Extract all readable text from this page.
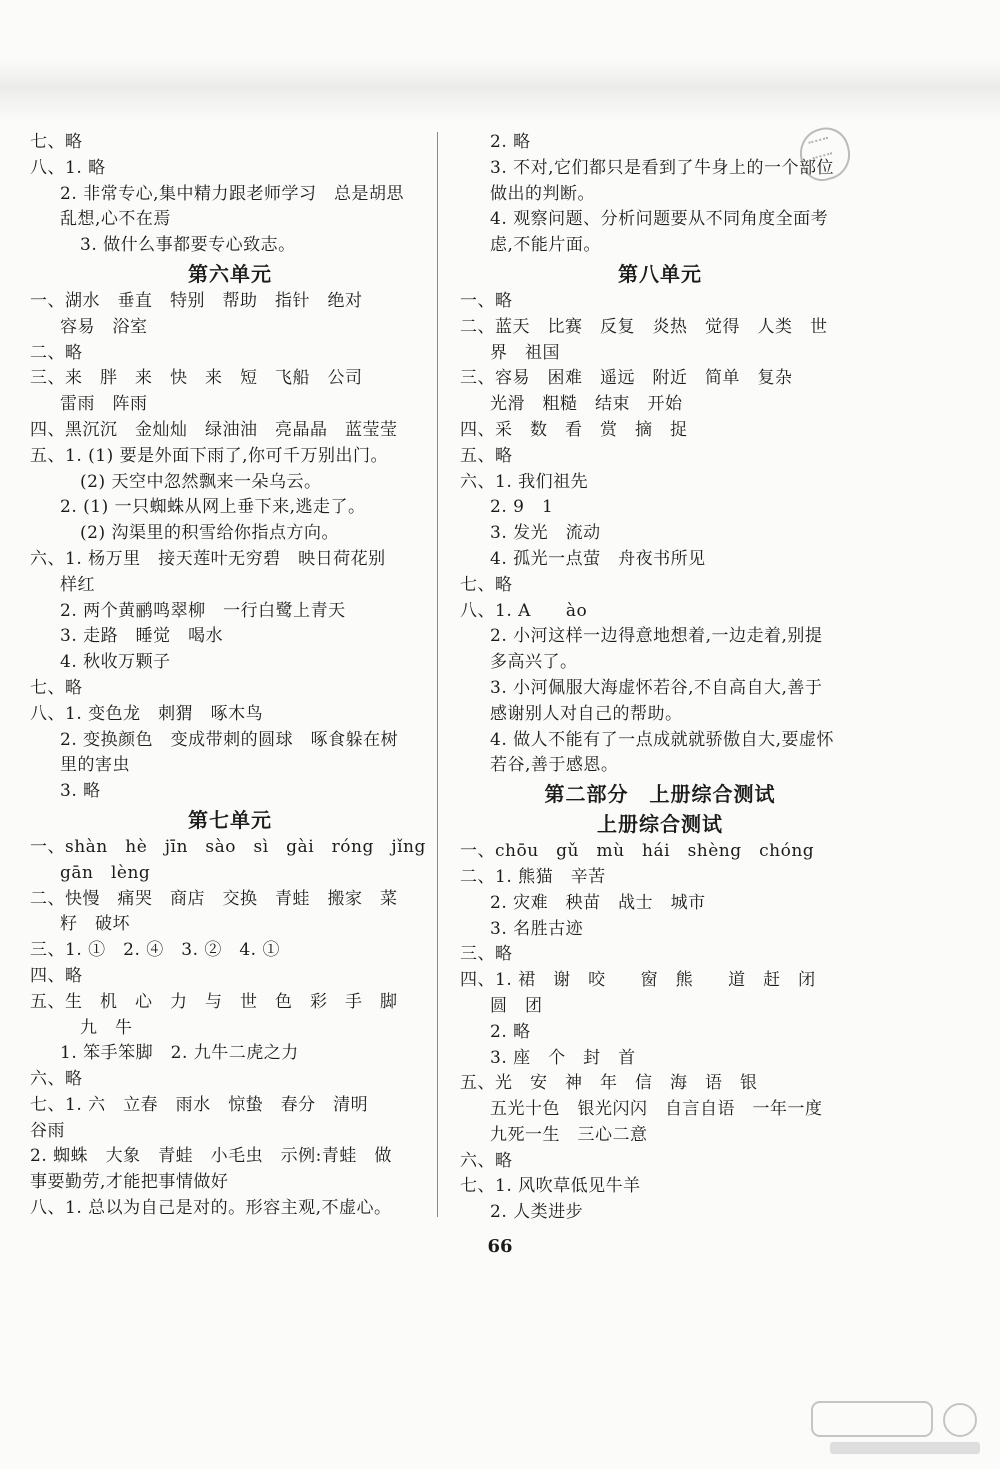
七、略
八、1. 略
2. 非常专心,集中精力跟老师学习　总是胡思
乱想,心不在焉
3. 做什么事都要专心致志。
第六单元
一、湖水　垂直　特别　帮助　指针　绝对
容易　浴室
二、略
三、来　胖　来　快　来　短　飞船　公司
雷雨　阵雨
四、黑沉沉　金灿灿　绿油油　亮晶晶　蓝莹莹
五、1. (1) 要是外面下雨了,你可千万别出门。
(2) 天空中忽然飘来一朵乌云。
2. (1) 一只蜘蛛从网上垂下来,逃走了。
(2) 沟渠里的积雪给你指点方向。
六、1. 杨万里　接天莲叶无穷碧　映日荷花别
样红
2. 两个黄鹂鸣翠柳　一行白鹭上青天
3. 走路　睡觉　喝水
4. 秋收万颗子
七、略
八、1. 变色龙　刺猬　啄木鸟
2. 变换颜色　变成带刺的圆球　啄食躲在树
里的害虫
3. 略
第七单元
一、shàn　hè　jīn　sào　sì　gài　róng　jǐng
gān　lèng
二、快慢　痛哭　商店　交换　青蛙　搬家　菜
籽　破坏
三、1. ①　2. ④　3. ②　4. ①
四、略
五、生　机　心　力　与　世　色　彩　手　脚
九　牛
1. 笨手笨脚　2. 九牛二虎之力
六、略
七、1. 六　立春　雨水　惊蛰　春分　清明
谷雨
2. 蜘蛛　大象　青蛙　小毛虫　示例:青蛙　做
事要勤劳,才能把事情做好
八、1. 总以为自己是对的。形容主观,不虚心。
2. 略
3. 不对,它们都只是看到了牛身上的一个部位
做出的判断。
4. 观察问题、分析问题要从不同角度全面考
虑,不能片面。
第八单元
一、略
二、蓝天　比赛　反复　炎热　觉得　人类　世
界　祖国
三、容易　困难　遥远　附近　简单　复杂
光滑　粗糙　结束　开始
四、采　数　看　赏　摘　捉
五、略
六、1. 我们祖先
2. 9　1
3. 发光　流动
4. 孤光一点萤　舟夜书所见
七、略
八、1. A　　ào
2. 小河这样一边得意地想着,一边走着,别提
多高兴了。
3. 小河佩服大海虚怀若谷,不自高自大,善于
感谢别人对自己的帮助。
4. 做人不能有了一点成就就骄傲自大,要虚怀
若谷,善于感恩。
第二部分　上册综合测试
上册综合测试
一、chōu　gǔ　mù　hái　shèng　chóng
二、1. 熊猫　辛苦
2. 灾难　秧苗　战士　城市
3. 名胜古迹
三、略
四、1. 裙　谢　咬　　窗　熊　　道　赶　闭
圆　团
2. 略
3. 座　个　封　首
五、光　安　神　年　信　海　语　银
五光十色　银光闪闪　自言自语　一年一度
九死一生　三心二意
六、略
七、1. 风吹草低见牛羊
2. 人类进步
66
